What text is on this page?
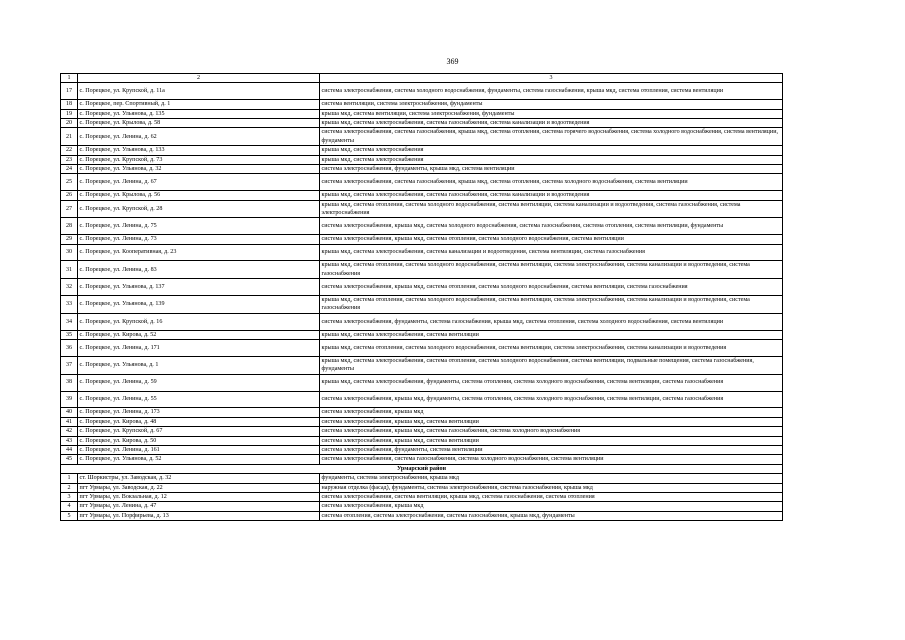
369
1	2	3
17	с. Порецкое, ул. Крупской, д. 11а	система электроснабжения, система холодного водоснабжения, фундаменты, система газоснабжения, крыша мкд, система отопления, система вентиляции
18	с. Порецкое, пер. Спортивный, д. 1	система вентиляции, система электроснабжения, фундаменты
19	с. Порецкое, ул. Ульянова, д. 135	крыша мкд, система вентиляции, система электроснабжения, фундаменты
20	с. Порецкое, ул. Крылова, д. 58	крыша мкд, система электроснабжения, система газоснабжения, система канализации и водоотведения
21	с. Порецкое, ул. Ленина, д. 62	система электроснабжения, система газоснабжения, крыша мкд, система отопления, система горячего водоснабжения, система холодного водоснабжения, система вентиляции, фундаменты
22	с. Порецкое, ул. Ульянова, д. 133	крыша мкд, система электроснабжения
23	с. Порецкое, ул. Крупской, д. 73	крыша мкд, система электроснабжения
24	с. Порецкое, ул. Ульянова, д. 32	система электроснабжения, фундаменты, крыша мкд, система вентиляции
25	с. Порецкое, ул. Ленина, д. 67	система электроснабжения, система газоснабжения, крыша мкд, система отопления, система холодного водоснабжения, система вентиляции
26	с. Порецкое, ул. Крылова, д. 56	крыша мкд, система электроснабжения, система газоснабжения, система канализации и водоотведения
27	с. Порецкое, ул. Крупской, д. 28	крыша мкд, система отопления, система холодного водоснабжения, система вентиляции, система канализации и водоотведения, система газоснабжения, система электроснабжения
28	с. Порецкое, ул. Ленина, д. 75	система электроснабжения, крыша мкд, система холодного водоснабжения, система газоснабжения, система отопления, система вентиляции, фундаменты
29	с. Порецкое, ул. Ленина, д. 73	система электроснабжения, крыша мкд, система отопления, система холодного водоснабжения, система вентиляции
30	с. Порецкое, ул. Кооперативная, д. 23	крыша мкд, система электроснабжения, система канализации и водоотведения, система вентиляции, система газоснабжения
31	с. Порецкое, ул. Ленина, д. 83	крыша мкд, система отопления, система холодного водоснабжения, система вентиляции, система электроснабжения, система канализации и водоотведения, система газоснабжения
32	с. Порецкое, ул. Ульянова, д. 137	система электроснабжения, крыша мкд, система отопления, система холодного водоснабжения, система вентиляции, система газоснабжения
33	с. Порецкое, ул. Ульянова, д. 139	крыша мкд, система отопления, система холодного водоснабжения, система вентиляции, система электроснабжения, система канализации и водоотведения, система газоснабжения
34	с. Порецкое, ул. Крупской, д. 16	система электроснабжения, фундаменты, система газоснабжения, крыша мкд, система отопления, система холодного водоснабжения, система вентиляции
35	с. Порецкое, ул. Кирова, д. 52	крыша мкд, система электроснабжения, система вентиляции
36	с. Порецкое, ул. Ленина, д. 171	крыша мкд, система отопления, система холодного водоснабжения, система вентиляции, система электроснабжения, система канализации и водоотведения
37	с. Порецкое, ул. Ульянова, д. 1	крыша мкд, система электроснабжения, система отопления, система холодного водоснабжения, система вентиляции, подвальные помещения, система газоснабжения, фундаменты
38	с. Порецкое, ул. Ленина, д. 59	крыша мкд, система электроснабжения, фундаменты, система отопления, система холодного водоснабжения, система вентиляции, система газоснабжения
39	с. Порецкое, ул. Ленина, д. 55	система электроснабжения, крыша мкд, фундаменты, система отопления, система холодного водоснабжения, система вентиляции, система газоснабжения
40	с. Порецкое, ул. Ленина, д. 173	система электроснабжения, крыша мкд
41	с. Порецкое, ул. Кирова, д. 48	система электроснабжения, крыша мкд, система вентиляции
42	с. Порецкое, ул. Крупской, д. 67	система электроснабжения, крыша мкд, система газоснабжения, система холодного водоснабжения
43	с. Порецкое, ул. Кирова, д. 50	система электроснабжения, крыша мкд, система вентиляции
44	с. Порецкое, ул. Ленина, д. 161	система электроснабжения, фундаменты, система вентиляции
45	с. Порецкое, ул. Ульянова, д. 52	система электроснабжения, система газоснабжения, система холодного водоснабжения, система вентиляции
Урмарский район		
1	ст. Шоркистры, ул. Заводская, д. 32	фундаменты, система электроснабжения, крыша мкд
2	пгт Урмары, ул. Заводская, д. 22	наружная отделка (фасад), фундаменты, система электроснабжения, система газоснабжения, крыша мкд
3	пгт Урмары, ул. Вокзальная, д. 12	система электроснабжения, система вентиляции, крыша мкд, система газоснабжения, система отопления
4	пгт Урмары, ул. Ленина, д. 47	система электроснабжения, крыша мкд
5	пгт Урмары, ул. Порфирьева, д. 13	система отопления, система электроснабжения, система газоснабжения, крыша мкд, фундаменты
